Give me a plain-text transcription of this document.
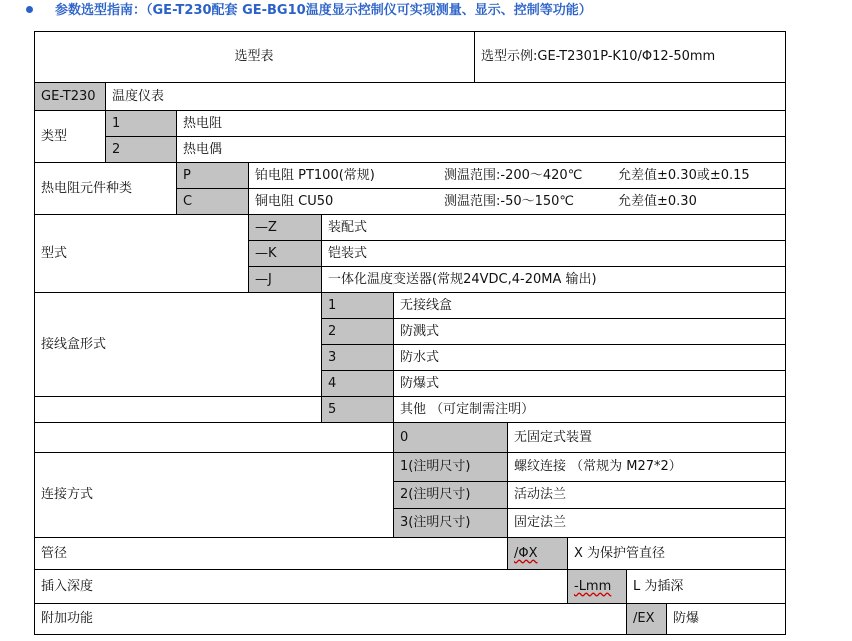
参数选型指南：（GE-T230配套 GE-BG10温度显示控制仪可实现测量、显示、控制等功能）
选型表	选型示例:GE-T2301P-K10/Φ12-50mm
GE-T230	温度仪表
类型
1	热电阻
2	热电偶
热电阻元件种类
P	铂电阻 PT100(常规)	测温范围:-200～420℃	允差值±0.30或±0.15
C	铜电阻 CU50	测温范围:-50～150℃	允差值±0.30
型式
—Z	装配式
—K	铠装式
—J	一体化温度变送器(常规24VDC,4-20MA 输出)
接线盒形式
1	无接线盒
2	防溅式
3	防水式
4	防爆式
5	其他 （可定制需注明）
连接方式
0	无固定式装置
1(注明尺寸)	螺纹连接 （常规为 M27*2）
2(注明尺寸)	活动法兰
3(注明尺寸)	固定法兰
管径	/ΦX	X 为保护管直径
插入深度	-Lmm	L 为插深
附加功能	/EX	防爆
